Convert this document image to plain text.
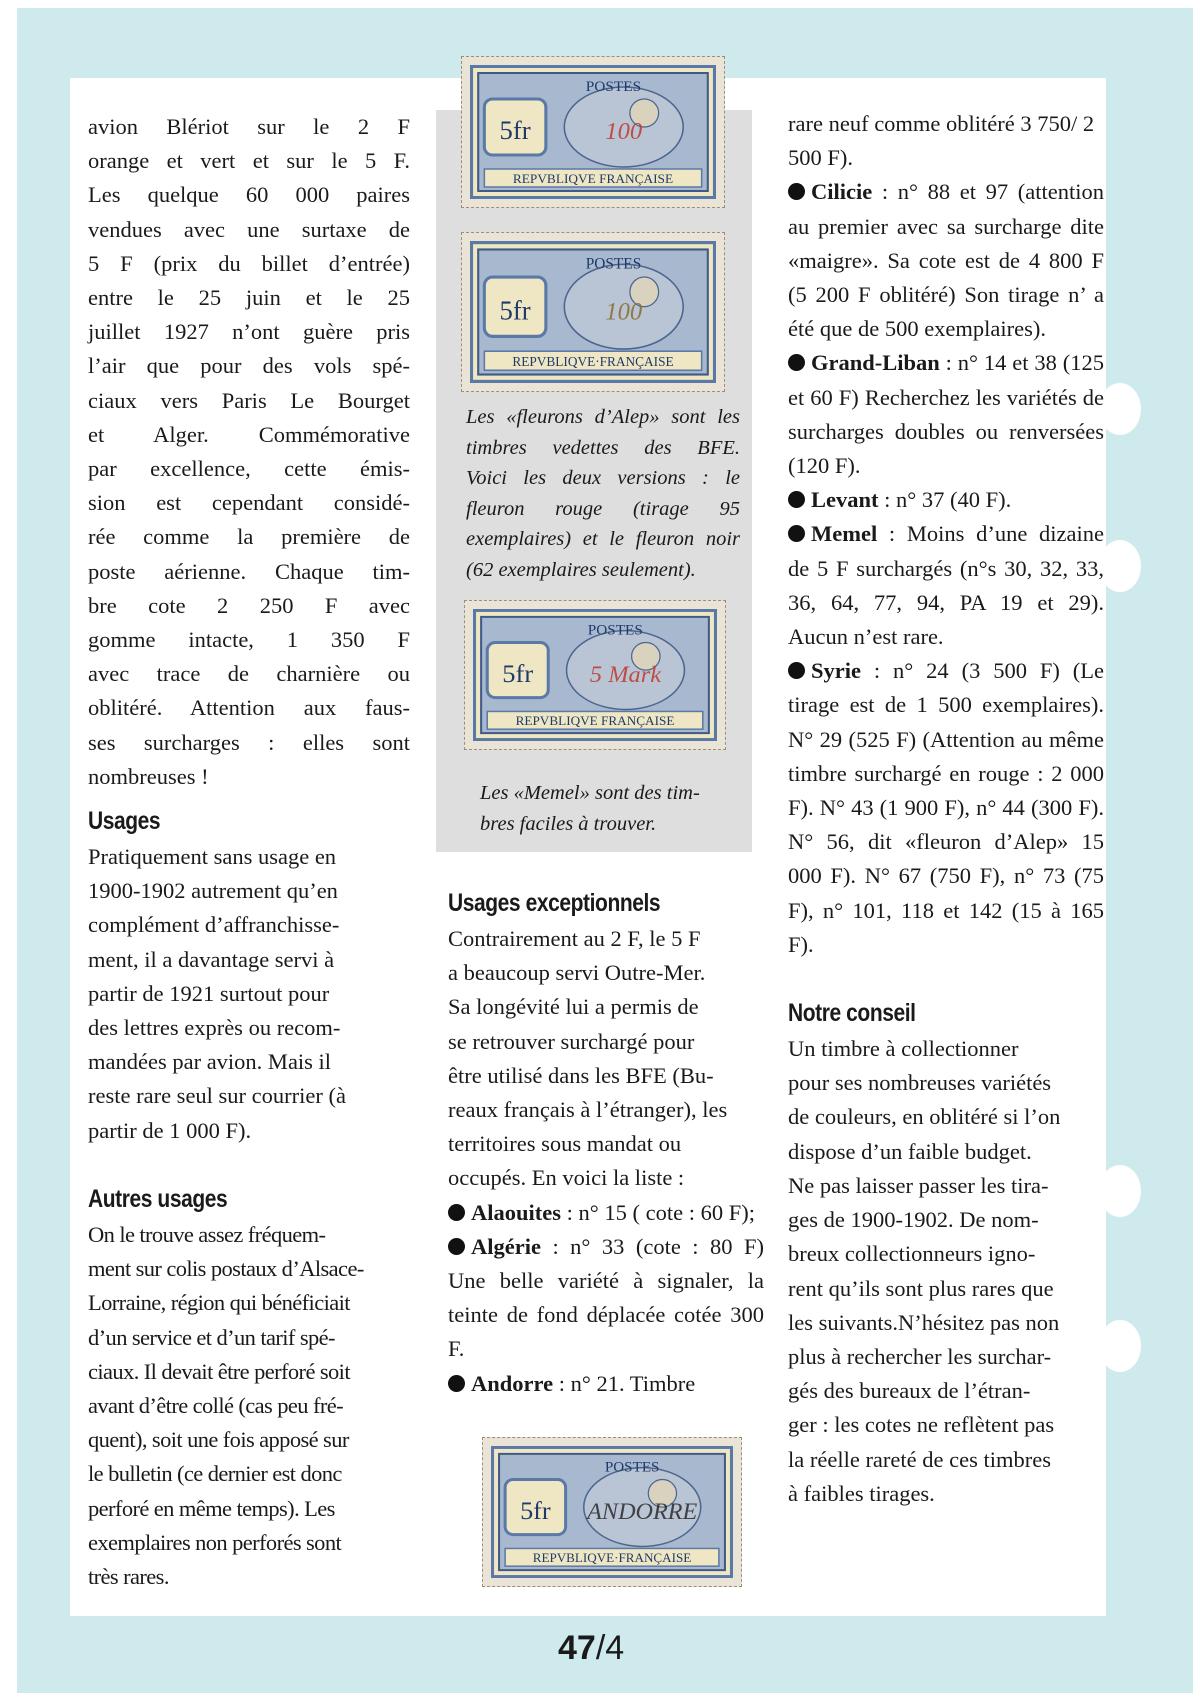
avion Blériot sur le 2 F
orange et vert et sur le 5 F.
Les quelque 60 000 paires
vendues avec une surtaxe de
5 F (prix du billet d’entrée)
entre le 25 juin et le 25
juillet 1927 n’ont guère pris
l’air que pour des vols spé-
ciaux vers Paris Le Bourget
et Alger. Commémorative
par excellence, cette émis-
sion est cependant considé-
rée comme la première de
poste aérienne. Chaque tim-
bre cote 2 250 F avec
gomme intacte, 1 350 F
avec trace de charnière ou
oblitéré. Attention aux faus-
ses surcharges : elles sont
nombreuses !
Usages
Pratiquement sans usage en
1900-1902 autrement qu’en
complément d’affranchisse-
ment, il a davantage servi à
partir de 1921 surtout pour
des lettres exprès ou recom-
mandées par avion. Mais il
reste rare seul sur courrier (à
partir de 1 000 F).
Autres usages
On le trouve assez fréquem-
ment sur colis postaux d’Alsace-
Lorraine, région qui bénéficiait
d’un service et d’un tarif spé-
ciaux. Il devait être perforé soit
avant d’être collé (cas peu fré-
quent), soit une fois apposé sur
le bulletin (ce dernier est donc
perforé en même temps). Les
exemplaires non perforés sont
très rares.
5fr
POSTES
REPVBLIQVE FRANÇAISE
100
5fr
POSTES
REPVBLIQVE·FRANÇAISE
100
Les «fleurons d’Alep» sont les
timbres vedettes des BFE.
Voici les deux versions : le
fleuron rouge (tirage 95
exemplaires) et le fleuron noir
(62 exemplaires seulement).
5fr
POSTES
REPVBLIQVE FRANÇAISE
5 Mark
Les «Memel» sont des tim-
bres faciles à trouver.
Usages exceptionnels
Contrairement au 2 F, le 5 F
a beaucoup servi Outre-Mer.
Sa longévité lui a permis de
se retrouver surchargé pour
être utilisé dans les BFE (Bu-
reaux français à l’étranger), les
territoires sous mandat ou
occupés. En voici la liste :

Alaouites : n° 15 ( cote : 60 F);

Algérie : n° 33 (cote : 80 F) Une belle variété à signaler, la teinte de fond déplacée cotée 300 F.

Andorre : n° 21. Timbre

5fr
POSTES
REPVBLIQVE·FRANÇAISE
ANDORRE

rare neuf comme oblitéré 3 750/ 2 500 F).

Cilicie : n° 88 et 97 (attention au premier avec sa surcharge dite «maigre». Sa cote est de 4 800 F (5 200 F oblitéré) Son tirage n’ a été que de 500 exemplaires).

Grand-Liban : n° 14 et 38 (125 et 60 F) Recherchez les variétés de surcharges doubles ou renversées (120 F).

Levant : n° 37 (40 F).

Memel : Moins d’une dizaine de 5 F surchargés (n°s 30, 32, 33, 36, 64, 77, 94, PA 19 et 29). Aucun n’est rare.

Syrie : n° 24 (3 500 F) (Le tirage est de 1 500 exemplaires). N° 29 (525 F) (Attention au même timbre surchargé en rouge : 2 000 F). N° 43 (1 900 F), n° 44 (300 F). N° 56, dit «fleuron d’Alep» 15 000 F). N° 67 (750 F), n° 73 (75 F), n° 101, 118 et 142 (15 à 165 F).

Notre conseil
Un timbre à collectionner
pour ses nombreuses variétés
de couleurs, en oblitéré si l’on
dispose d’un faible budget.
Ne pas laisser passer les tira-
ges de 1900-1902. De nom-
breux collectionneurs igno-
rent qu’ils sont plus rares que
les suivants.N’hésitez pas non
plus à rechercher les surchar-
gés des bureaux de l’étran-
ger : les cotes ne reflètent pas
la réelle rareté de ces timbres
à faibles tirages.
47/4
